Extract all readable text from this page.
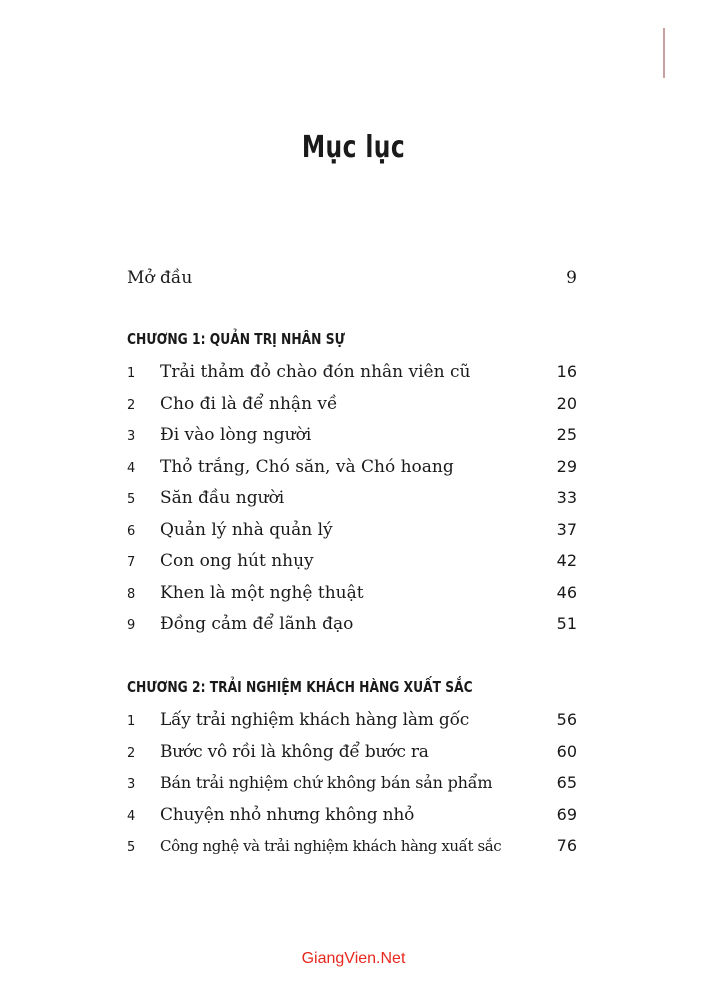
Mục lục
Mở đầu	9
CHƯƠNG 1: QUẢN TRỊ NHÂN SỰ
1	Trải thảm đỏ chào đón nhân viên cũ	16
2	Cho đi là để nhận về	20
3	Đi vào lòng người	25
4	Thỏ trắng, Chó săn, và Chó hoang	29
5	Săn đầu người	33
6	Quản lý nhà quản lý	37
7	Con ong hút nhụy	42
8	Khen là một nghệ thuật	46
9	Đồng cảm để lãnh đạo	51
CHƯƠNG 2: TRẢI NGHIỆM KHÁCH HÀNG XUẤT SẮC
1	Lấy trải nghiệm khách hàng làm gốc	56
2	Bước vô rồi là không để bước ra	60
3	Bán trải nghiệm chứ không bán sản phẩm	65
4	Chuyện nhỏ nhưng không nhỏ	69
5	Công nghệ và trải nghiệm khách hàng xuất sắc	76
GiangVien.Net
